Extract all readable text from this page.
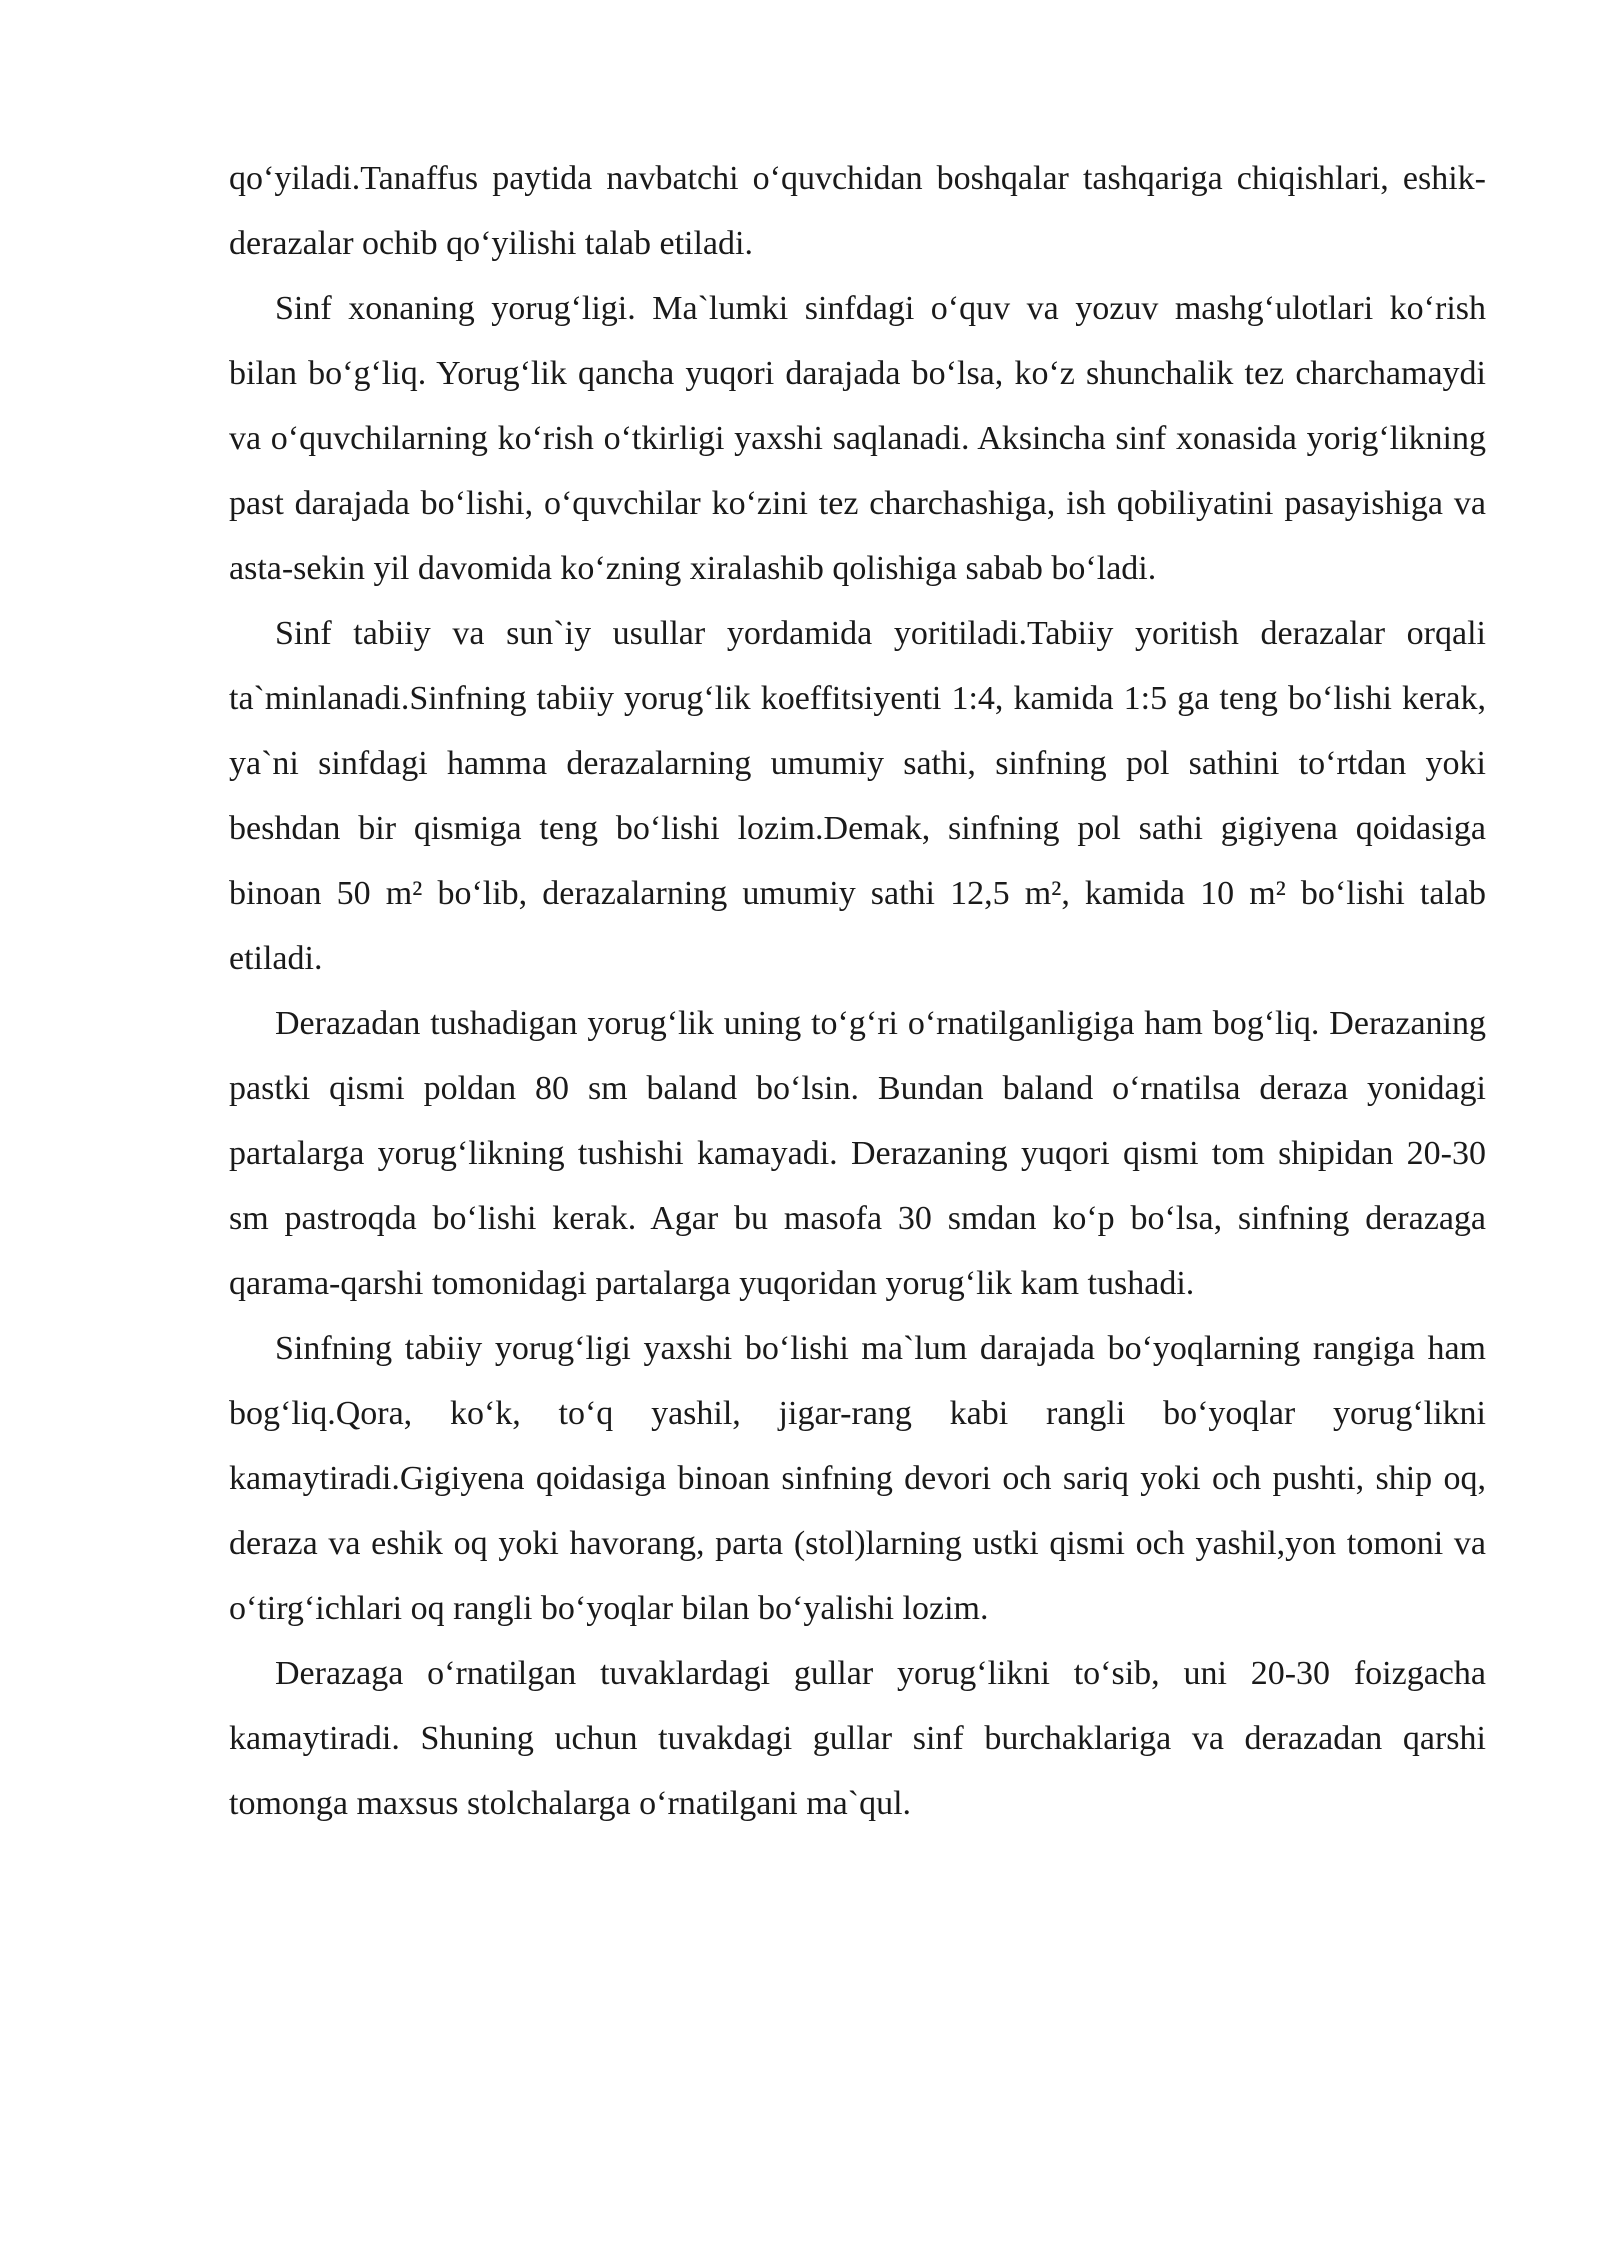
qo‘yiladi.Tanaffus paytida navbatchi o‘quvchidan boshqalar tashqariga chiqishlari, eshik-derazalar ochib qo‘yilishi talab etiladi.

Sinf xonaning yorug‘ligi. Ma`lumki sinfdagi o‘quv va yozuv mashg‘ulotlari ko‘rish bilan bo‘g‘liq. Yorug‘lik qancha yuqori darajada bo‘lsa, ko‘z shunchalik tez charchamaydi va o‘quvchilarning ko‘rish o‘tkirligi yaxshi saqlanadi. Aksincha sinf xonasida yorig‘likning past darajada bo‘lishi, o‘quvchilar ko‘zini tez charchashiga, ish qobiliyatini pasayishiga va asta-sekin yil davomida ko‘zning xiralashib qolishiga sabab bo‘ladi.

Sinf tabiiy va sun`iy usullar yordamida yoritiladi.Tabiiy yoritish derazalar orqali ta`minlanadi.Sinfning tabiiy yorug‘lik koeffitsiyenti 1:4, kamida 1:5 ga teng bo‘lishi kerak, ya`ni sinfdagi hamma derazalarning umumiy sathi, sinfning pol sathini to‘rtdan yoki beshdan bir qismiga teng bo‘lishi lozim.Demak, sinfning pol sathi gigiyena qoidasiga binoan 50 m² bo‘lib, derazalarning umumiy sathi 12,5 m², kamida 10 m² bo‘lishi talab etiladi.

Derazadan tushadigan yorug‘lik uning to‘g‘ri o‘rnatilganligiga ham bog‘liq. Derazaning pastki qismi poldan 80 sm baland bo‘lsin. Bundan baland o‘rnatilsa deraza yonidagi partalarga yorug‘likning tushishi kamayadi. Derazaning yuqori qismi tom shipidan 20-30 sm pastroqda bo‘lishi kerak. Agar bu masofa 30 smdan ko‘p bo‘lsa, sinfning derazaga qarama-qarshi tomonidagi partalarga yuqoridan yorug‘lik kam tushadi.

Sinfning tabiiy yorug‘ligi yaxshi bo‘lishi ma`lum darajada bo‘yoqlarning rangiga ham bog‘liq.Qora, ko‘k, to‘q yashil, jigar-rang kabi rangli bo‘yoqlar yorug‘likni kamaytiradi.Gigiyena qoidasiga binoan sinfning devori och sariq yoki och pushti, ship oq, deraza va eshik oq yoki havorang, parta (stol)larning ustki qismi och yashil,yon tomoni va o‘tirg‘ichlari oq rangli bo‘yoqlar bilan bo‘yalishi lozim.

Derazaga o‘rnatilgan tuvaklardagi gullar yorug‘likni to‘sib, uni 20-30 foizgacha kamaytiradi. Shuning uchun tuvakdagi gullar sinf burchaklariga va derazadan qarshi tomonga maxsus stolchalarga o‘rnatilgani ma`qul.
